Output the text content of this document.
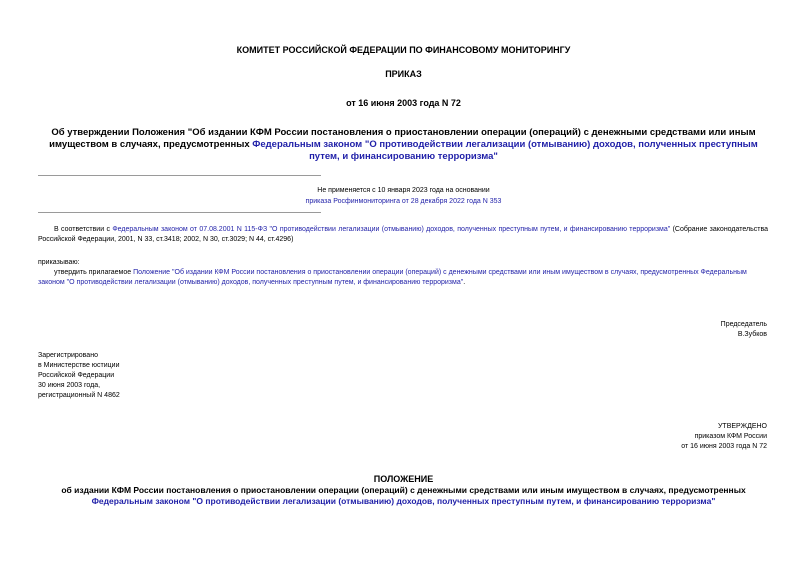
КОМИТЕТ РОССИЙСКОЙ ФЕДЕРАЦИИ ПО ФИНАНСОВОМУ МОНИТОРИНГУ
ПРИКАЗ
от 16 июня 2003 года N 72
Об утверждении Положения "Об издании КФМ России постановления о приостановлении операции (операций) с денежными средствами или иным имуществом в случаях, предусмотренных Федеральным законом "О противодействии легализации (отмыванию) доходов, полученных преступным путем, и финансированию терроризма"
Не применяется с 10 января 2023 года на основании
приказа Росфинмониторинга от 28 декабря 2022 года N 353
В соответствии с Федеральным законом от 07.08.2001 N 115-ФЗ "О противодействии легализации (отмыванию) доходов, полученных преступным путем, и финансированию терроризма" (Собрание законодательства Российской Федерации, 2001, N 33, ст.3418; 2002, N 30, ст.3029; N 44, ст.4296)
приказываю:
утвердить прилагаемое Положение "Об издании КФМ России постановления о приостановлении операции (операций) с денежными средствами или иным имуществом в случаях, предусмотренных Федеральным законом "О противодействии легализации (отмыванию) доходов, полученных преступным путем, и финансированию терроризма".
Председатель
В.Зубков
Зарегистрировано
в Министерстве юстиции
Российской Федерации
30 июня 2003 года,
регистрационный N 4862
УТВЕРЖДЕНО
приказом КФМ России
от 16 июня 2003 года N 72
ПОЛОЖЕНИЕ
об издании КФМ России постановления о приостановлении операции (операций) с денежными средствами или иным имуществом в случаях, предусмотренных
Федеральным законом "О противодействии легализации (отмыванию) доходов, полученных преступным путем, и финансированию терроризма"
